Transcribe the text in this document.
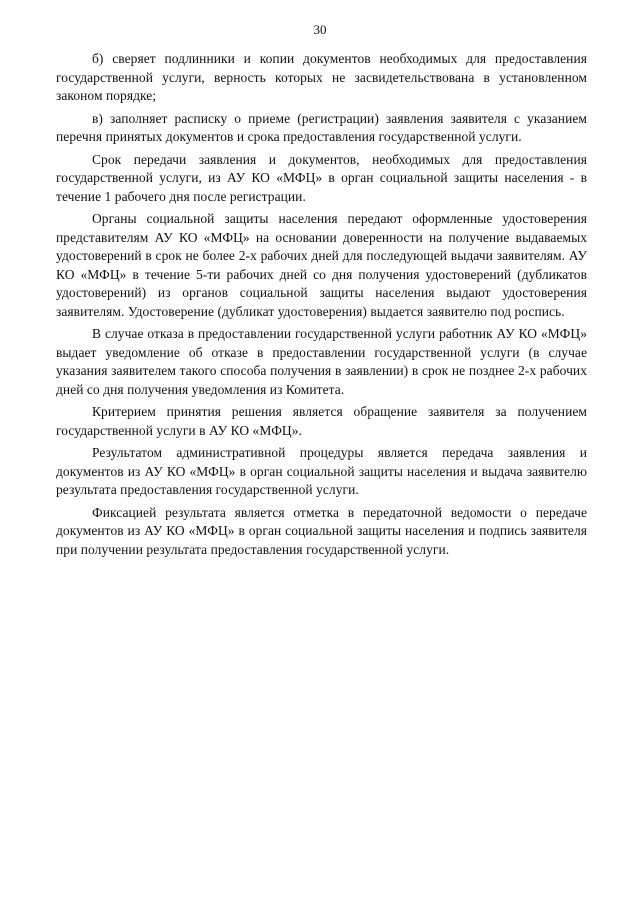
30

б) сверяет подлинники и копии документов необходимых для предоставления государственной услуги, верность которых не засвидетельствована в установленном законом порядке;

в) заполняет расписку о приеме (регистрации) заявления заявителя с указанием перечня принятых документов и срока предоставления государственной услуги.

Срок передачи заявления и документов, необходимых для предоставления государственной услуги, из АУ КО «МФЦ» в орган социальной защиты населения - в течение 1 рабочего дня после регистрации.

Органы социальной защиты населения передают оформленные удостоверения представителям АУ КО «МФЦ» на основании доверенности на получение выдаваемых удостоверений в срок не более 2-х рабочих дней для последующей выдачи заявителям. АУ КО «МФЦ» в течение 5-ти рабочих дней со дня получения удостоверений (дубликатов удостоверений) из органов социальной защиты населения выдают удостоверения заявителям. Удостоверение (дубликат удостоверения) выдается заявителю под роспись.

В случае отказа в предоставлении государственной услуги работник АУ КО «МФЦ» выдает уведомление об отказе в предоставлении государственной услуги (в случае указания заявителем такого способа получения в заявлении) в срок не позднее 2-х рабочих дней со дня получения уведомления из Комитета.

Критерием принятия решения является обращение заявителя за получением государственной услуги в АУ КО «МФЦ».

Результатом административной процедуры является передача заявления и документов из АУ КО «МФЦ» в орган социальной защиты населения и выдача заявителю результата предоставления государственной услуги.

Фиксацией результата является отметка в передаточной ведомости о передаче документов из АУ КО «МФЦ» в орган социальной защиты населения и подпись заявителя при получении результата предоставления государственной услуги.
